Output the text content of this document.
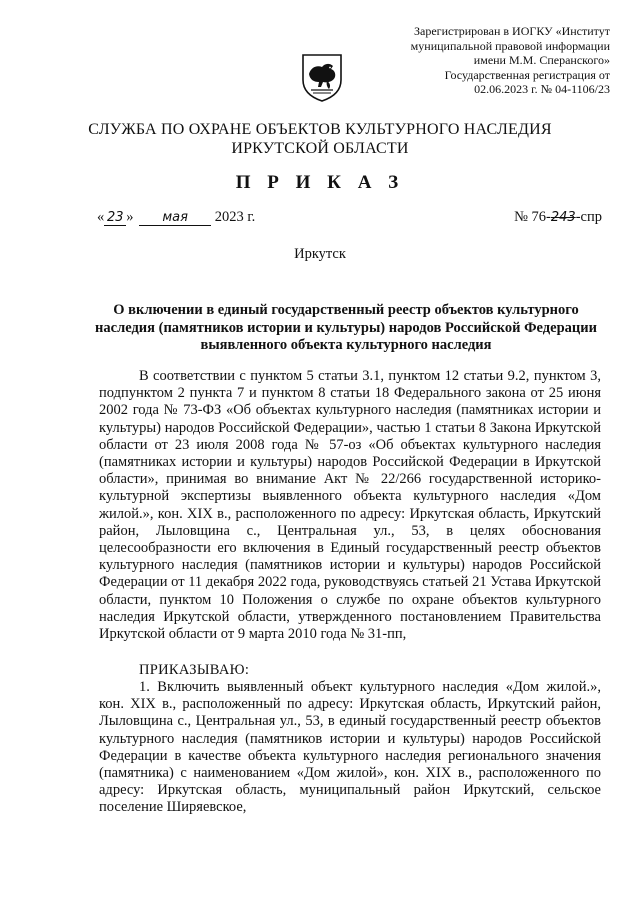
Зарегистрирован в ИОГКУ «Институт
муниципальной правовой информации
имени М.М. Сперанского»
Государственная регистрация от
02.06.2023 г. № 04-1106/23
СЛУЖБА ПО ОХРАНЕ ОБЪЕКТОВ КУЛЬТУРНОГО НАСЛЕДИЯ
ИРКУТСКОЙ ОБЛАСТИ
П Р И К А З
« 23 » мая 2023 г.	№ 76-243-спр
Иркутск
О включении в единый государственный реестр объектов культурного наследия (памятников истории и культуры) народов Российской Федерации выявленного объекта культурного наследия
В соответствии с пунктом 5 статьи 3.1, пунктом 12 статьи 9.2, пунктом 3, подпунктом 2 пункта 7 и пунктом 8 статьи 18 Федерального закона от 25 июня 2002 года № 73-ФЗ «Об объектах культурного наследия (памятниках истории и культуры) народов Российской Федерации», частью 1 статьи 8 Закона Иркутской области от 23 июля 2008 года № 57-оз «Об объектах культурного наследия (памятниках истории и культуры) народов Российской Федерации в Иркутской области», принимая во внимание Акт № 22/266 государственной историко-культурной экспертизы выявленного объекта культурного наследия «Дом жилой.», кон. XIX в., расположенного по адресу: Иркутская область, Иркутский район, Лыловщина с., Центральная ул., 53, в целях обоснования целесообразности его включения в Единый государственный реестр объектов культурного наследия (памятников истории и культуры) народов Российской Федерации от 11 декабря 2022 года, руководствуясь статьей 21 Устава Иркутской области, пунктом 10 Положения о службе по охране объектов культурного наследия Иркутской области, утвержденного постановлением Правительства Иркутской области от 9 марта 2010 года № 31-пп,
ПРИКАЗЫВАЮ:
1. Включить выявленный объект культурного наследия «Дом жилой.», кон. XIX в., расположенный по адресу: Иркутская область, Иркутский район, Лыловщина с., Центральная ул., 53, в единый государственный реестр объектов культурного наследия (памятников истории и культуры) народов Российской Федерации в качестве объекта культурного наследия регионального значения (памятника) с наименованием «Дом жилой», кон. XIX в., расположенного по адресу: Иркутская область, муниципальный район Иркутский, сельское поселение Ширяевское,
